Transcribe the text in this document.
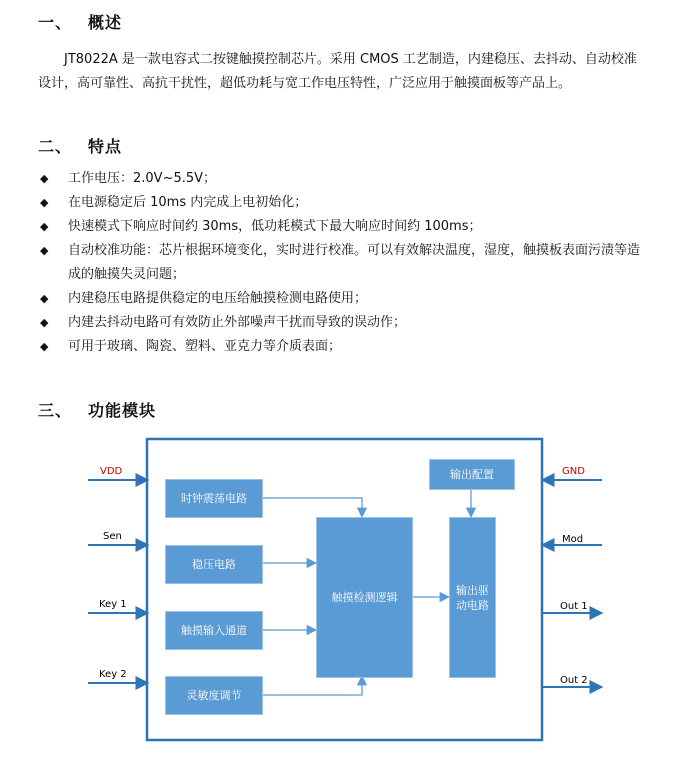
一、 概述
JT8022A 是一款电容式二按键触摸控制芯片。采用 CMOS 工艺制造，内建稳压、去抖动、自动校准
设计，高可靠性、高抗干扰性，超低功耗与宽工作电压特性，广泛应用于触摸面板等产品上。
二、 特点
◆ 工作电压：2.0V~5.5V；
◆ 在电源稳定后 10ms 内完成上电初始化；
◆ 快速模式下响应时间约 30ms，低功耗模式下最大响应时间约 100ms；
◆ 自动校准功能：芯片根据环境变化，实时进行校准。可以有效解决温度，湿度，触摸板表面污渍等造
成的触摸失灵问题；
◆ 内建稳压电路提供稳定的电压给触摸检测电路使用；
◆ 内建去抖动电路可有效防止外部噪声干扰而导致的误动作；
◆ 可用于玻璃、陶瓷、塑料、亚克力等介质表面；
三、 功能模块
VDD
Sen
Key 1
Key 2
GND
Mod
Out 1
Out 2
时钟震荡电路
稳压电路
触摸输入通道
灵敏度调节
触摸检测逻辑
输出配置
输出驱
动电路
